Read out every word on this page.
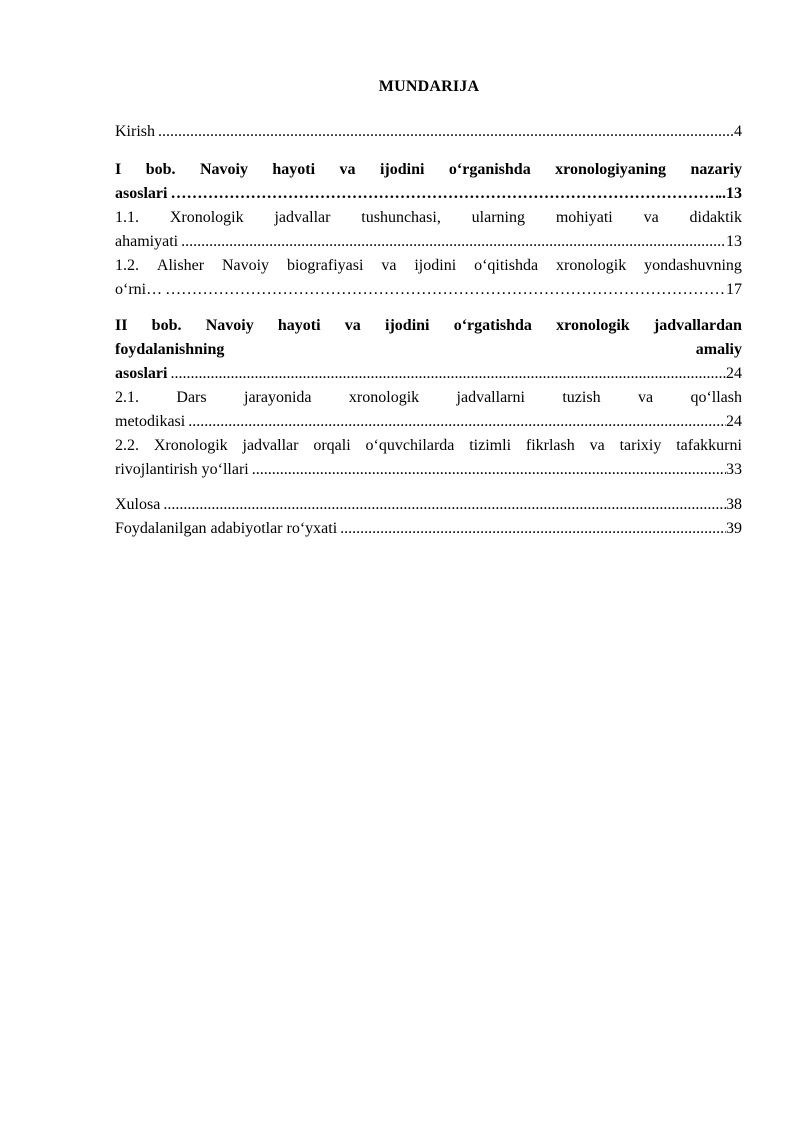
MUNDARIJA
Kirish .....	4
I bob. Navoiy hayoti va ijodini o‘rganishda xronologiyaning nazariy
asoslari ………………………………………………………………………………………………………………………………………………………………………	..13
1.1. Xronologik jadvallar tushunchasi, ularning mohiyati va didaktik
ahamiyati .....	13
1.2. Alisher Navoiy biografiyasi va ijodini o‘qitishda xronologik yondashuvning
o‘rni… ………………………………………………………………………………………………………………………………………………………………………	17
II bob. Navoiy hayoti va ijodini o‘rgatishda xronologik jadvallardan
foydalanishning	amaliy
asoslari .....	24
2.1. Dars jarayonida xronologik jadvallarni tuzish va qo‘llash
metodikasi .....	24
2.2. Xronologik jadvallar orqali o‘quvchilarda tizimli fikrlash va tarixiy tafakkurni
rivojlantirish yo‘llari .....	33
Xulosa .....	38
Foydalanilgan adabiyotlar ro‘yxati .....	39
